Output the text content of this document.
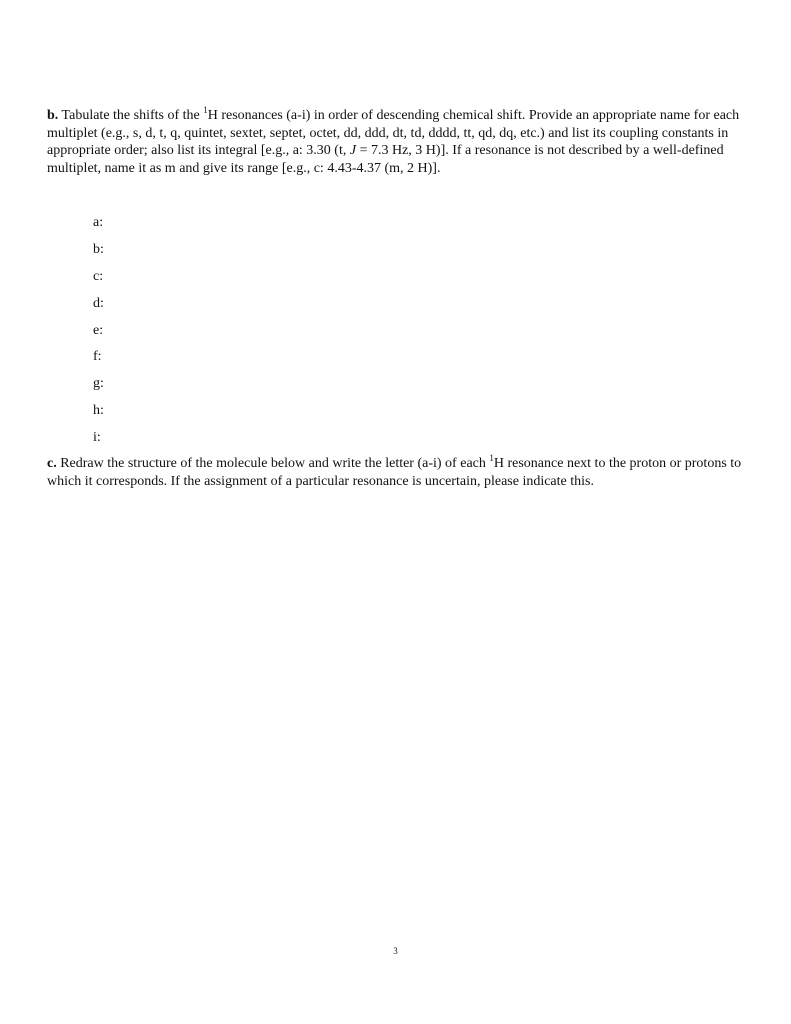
b. Tabulate the shifts of the $^1$H resonances (a-i) in order of descending chemical shift. Provide an appropriate name for each multiplet (e.g., s, d, t, q, quintet, sextet, septet, octet, dd, ddd, dt, td, dddd, tt, qd, dq, etc.) and list its coupling constants in appropriate order; also list its integral [e.g., a: 3.30 (t, J = 7.3 Hz, 3 H)]. If a resonance is not described by a well-defined multiplet, name it as m and give its range [e.g., c: 4.43-4.37 (m, 2 H)].

a:
b:
c:
d:
e:
f:
g:
h:
i:

c. Redraw the structure of the molecule below and write the letter (a-i) of each $^1$H resonance next to the proton or protons to which it corresponds. If the assignment of a particular resonance is uncertain, please indicate this.

3
